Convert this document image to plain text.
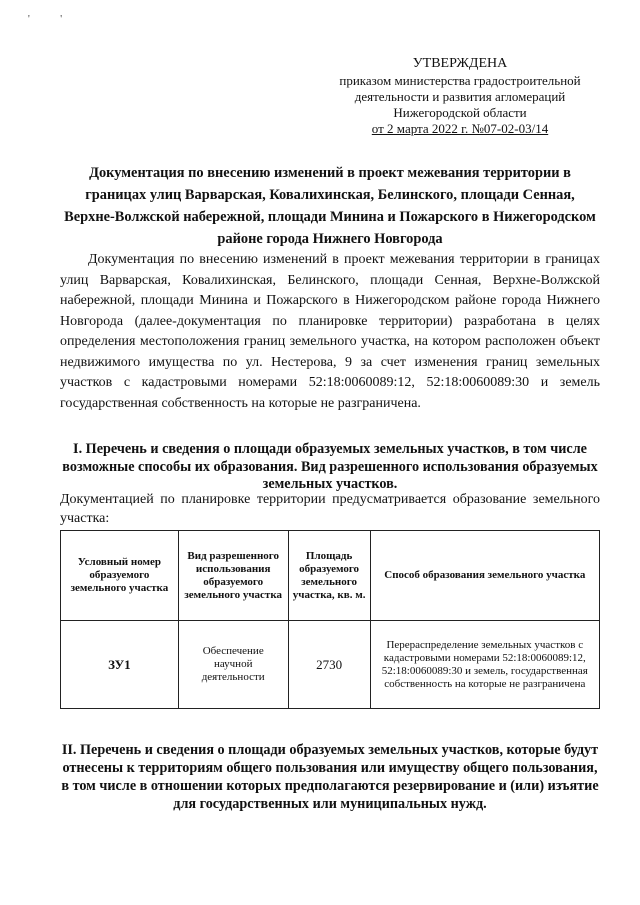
' '
УТВЕРЖДЕНА
приказом министерства градостроительной
деятельности и развития агломераций
Нижегородской области
от 2 марта 2022 г. №07-02-03/14
Документация по внесению изменений в проект межевания территории в границах улиц Варварская, Ковалихинская, Белинского, площади Сенная, Верхне-Волжской набережной, площади Минина и Пожарского в Нижегородском районе города Нижнего Новгорода
Документация по внесению изменений в проект межевания территории в границах улиц Варварская, Ковалихинская, Белинского, площади Сенная, Верхне-Волжской набережной, площади Минина и Пожарского в Нижегородском районе города Нижнего Новгорода (далее-документация по планировке территории) разработана в целях определения местоположения границ земельного участка, на котором расположен объект недвижимого имущества по ул. Нестерова, 9 за счет изменения границ земельных участков с кадастровыми номерами 52:18:0060089:12, 52:18:0060089:30 и земель государственная собственность на которые не разграничена.
I. Перечень и сведения о площади образуемых земельных участков, в том числе возможные способы их образования. Вид разрешенного использования образуемых земельных участков.
Документацией по планировке территории предусматривается образование земельного участка:
Условный номер образуемого земельного участка	Вид разрешенного использования образуемого земельного участка	Площадь образуемого земельного участка, кв. м.	Способ образования земельного участка
ЗУ1	Обеспечение научной деятельности	2730	Перераспределение земельных участков с кадастровыми номерами 52:18:0060089:12, 52:18:0060089:30 и земель, государственная собственность на которые не разграничена
II. Перечень и сведения о площади образуемых земельных участков, которые будут отнесены к территориям общего пользования или имуществу общего пользования, в том числе в отношении которых предполагаются резервирование и (или) изъятие для государственных или муниципальных нужд.
